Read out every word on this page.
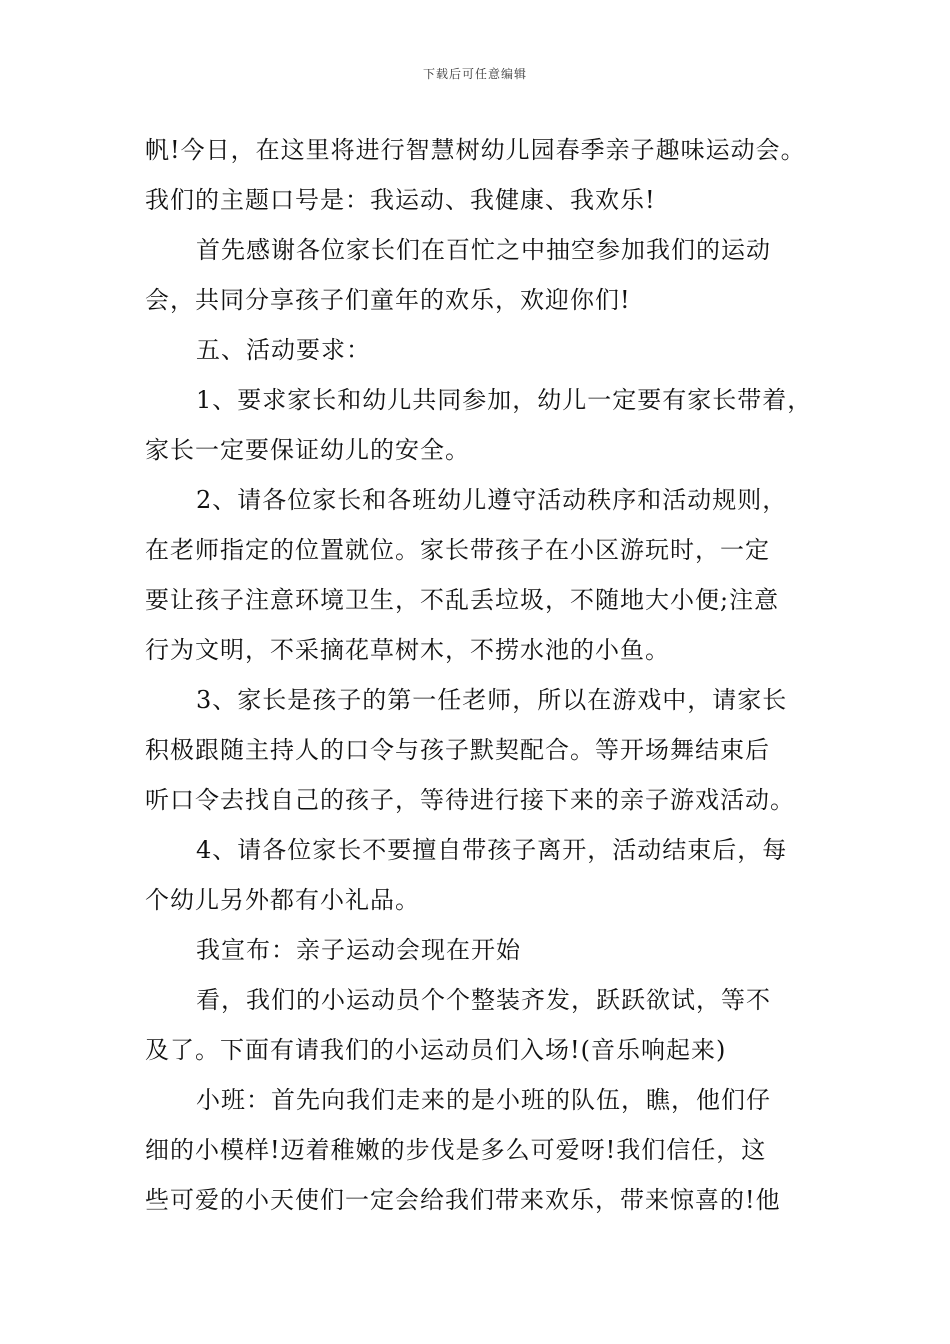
下载后可任意编辑
帆!今日，在这里将进行智慧树幼儿园春季亲子趣味运动会。
我们的主题口号是：我运动、我健康、我欢乐!
首先感谢各位家长们在百忙之中抽空参加我们的运动
会，共同分享孩子们童年的欢乐，欢迎你们!
五、活动要求：
1、要求家长和幼儿共同参加，幼儿一定要有家长带着，
家长一定要保证幼儿的安全。
2、请各位家长和各班幼儿遵守活动秩序和活动规则，
在老师指定的位置就位。家长带孩子在小区游玩时，一定
要让孩子注意环境卫生，不乱丢垃圾，不随地大小便;注意
行为文明，不采摘花草树木，不捞水池的小鱼。
3、家长是孩子的第一任老师，所以在游戏中，请家长
积极跟随主持人的口令与孩子默契配合。等开场舞结束后
听口令去找自己的孩子，等待进行接下来的亲子游戏活动。
4、请各位家长不要擅自带孩子离开，活动结束后，每
个幼儿另外都有小礼品。
我宣布：亲子运动会现在开始
看，我们的小运动员个个整装齐发，跃跃欲试，等不
及了。下面有请我们的小运动员们入场!(音乐响起来)
小班：首先向我们走来的是小班的队伍，瞧，他们仔
细的小模样!迈着稚嫩的步伐是多么可爱呀!我们信任，这
些可爱的小天使们一定会给我们带来欢乐，带来惊喜的!他
